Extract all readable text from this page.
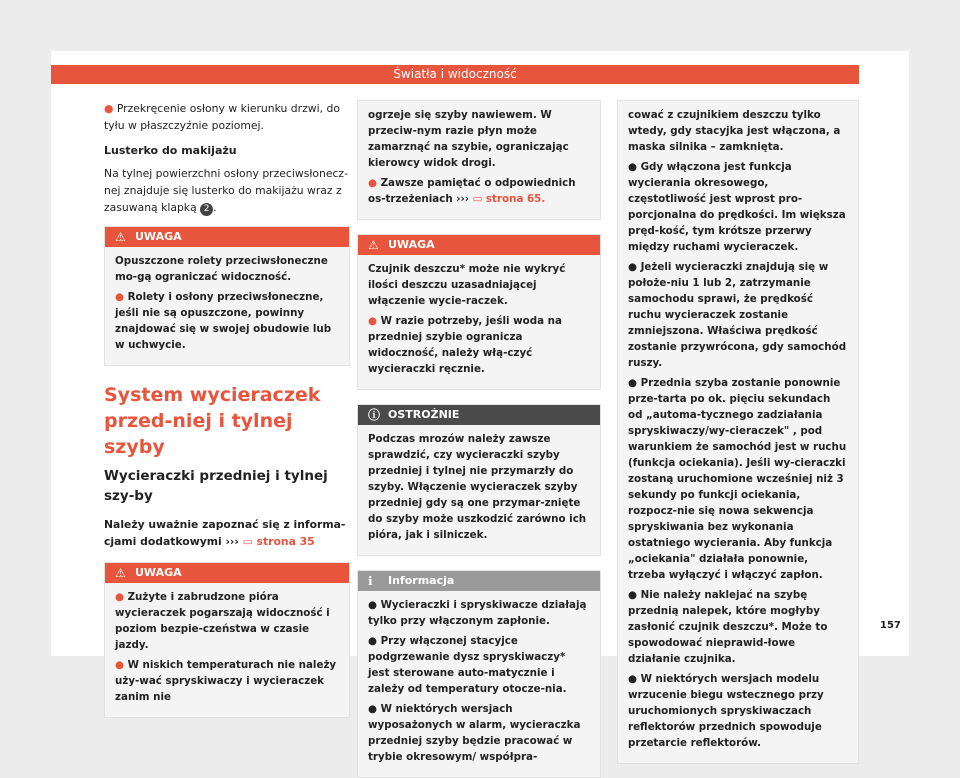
Światła i widoczność

● Przekręcenie osłony w kierunku drzwi, do tyłu w płaszczyźnie poziomej.

Lusterko do makijażu

Na tylnej powierzchni osłony przeciwsłonecz-nej znajduje się lusterko do makijażu wraz z zasuwaną klapką 2 .

⚠ UWAGA

Opuszczone rolety przeciwsłoneczne mo-gą ograniczać widoczność.

● Rolety i osłony przeciwsłoneczne, jeśli nie są opuszczone, powinny znajdować się w swojej obudowie lub w uchwycie.

System wycieraczek przed-niej i tylnej szyby
Wycieraczki przedniej i tylnej szy-by

Należy uważnie zapoznać się z informa-cjami dodatkowymi ››› ▭ strona 35

⚠ UWAGA

● Zużyte i zabrudzone pióra wycieraczek pogarszają widoczność i poziom bezpie-czeństwa w czasie jazdy.

● W niskich temperaturach nie należy uży-wać spryskiwaczy i wycieraczek zanim nie

ogrzeje się szyby nawiewem. W przeciw-nym razie płyn może zamarznąć na szybie, ograniczając kierowcy widok drogi.

● Zawsze pamiętać o odpowiednich os-trzeżeniach ››› ▭ strona 65.

⚠ UWAGA

Czujnik deszczu* może nie wykryć ilości deszczu uzasadniającej włączenie wycie-raczek.

● W razie potrzeby, jeśli woda na przedniej szybie ogranicza widoczność, należy włą-czyć wycieraczki ręcznie.

ⓘ OSTROŻNIE

Podczas mrozów należy zawsze sprawdzić, czy wycieraczki szyby przedniej i tylnej nie przymarzły do szyby. Włączenie wycieraczek szyby przedniej gdy są one przymar-znięte do szyby może uszkodzić zarówno ich pióra, jak i silniczek.

ℹ Informacja

● Wycieraczki i spryskiwacze działają tylko przy włączonym zapłonie.

● Przy włączonej stacyjce podgrzewanie dysz spryskiwaczy* jest sterowane auto-matycznie i zależy od temperatury otocze-nia.

● W niektórych wersjach wyposażonych w alarm, wycieraczka przedniej szyby będzie pracować w trybie okresowym/ współpra-

cować z czujnikiem deszczu tylko wtedy, gdy stacyjka jest włączona, a maska silnika – zamknięta.

● Gdy włączona jest funkcja wycierania okresowego, częstotliwość jest wprost pro-porcjonalna do prędkości. Im większa pręd-kość, tym krótsze przerwy między ruchami wycieraczek.

● Jeżeli wycieraczki znajdują się w położe-niu 1 lub 2, zatrzymanie samochodu sprawi, że prędkość ruchu wycieraczek zostanie zmniejszona. Właściwa prędkość zostanie przywrócona, gdy samochód ruszy.

● Przednia szyba zostanie ponownie prze-tarta po ok. pięciu sekundach od „automa-tycznego zadziałania spryskiwaczy/wy-cieraczek" , pod warunkiem że samochód jest w ruchu (funkcja ociekania). Jeśli wy-cieraczki zostaną uruchomione wcześniej niż 3 sekundy po funkcji ociekania, rozpocz-nie się nowa sekwencja spryskiwania bez wykonania ostatniego wycierania. Aby funkcja „ociekania" działała ponownie, trzeba wyłączyć i włączyć zapłon.

● Nie należy naklejać na szybę przednią nalepek, które mogłyby zasłonić czujnik deszczu*. Może to spowodować nieprawid-łowe działanie czujnika.

● W niektórych wersjach modelu wrzucenie biegu wstecznego przy uruchomionych spryskiwaczach reflektorów przednich spowoduje przetarcie reflektorów.

157
